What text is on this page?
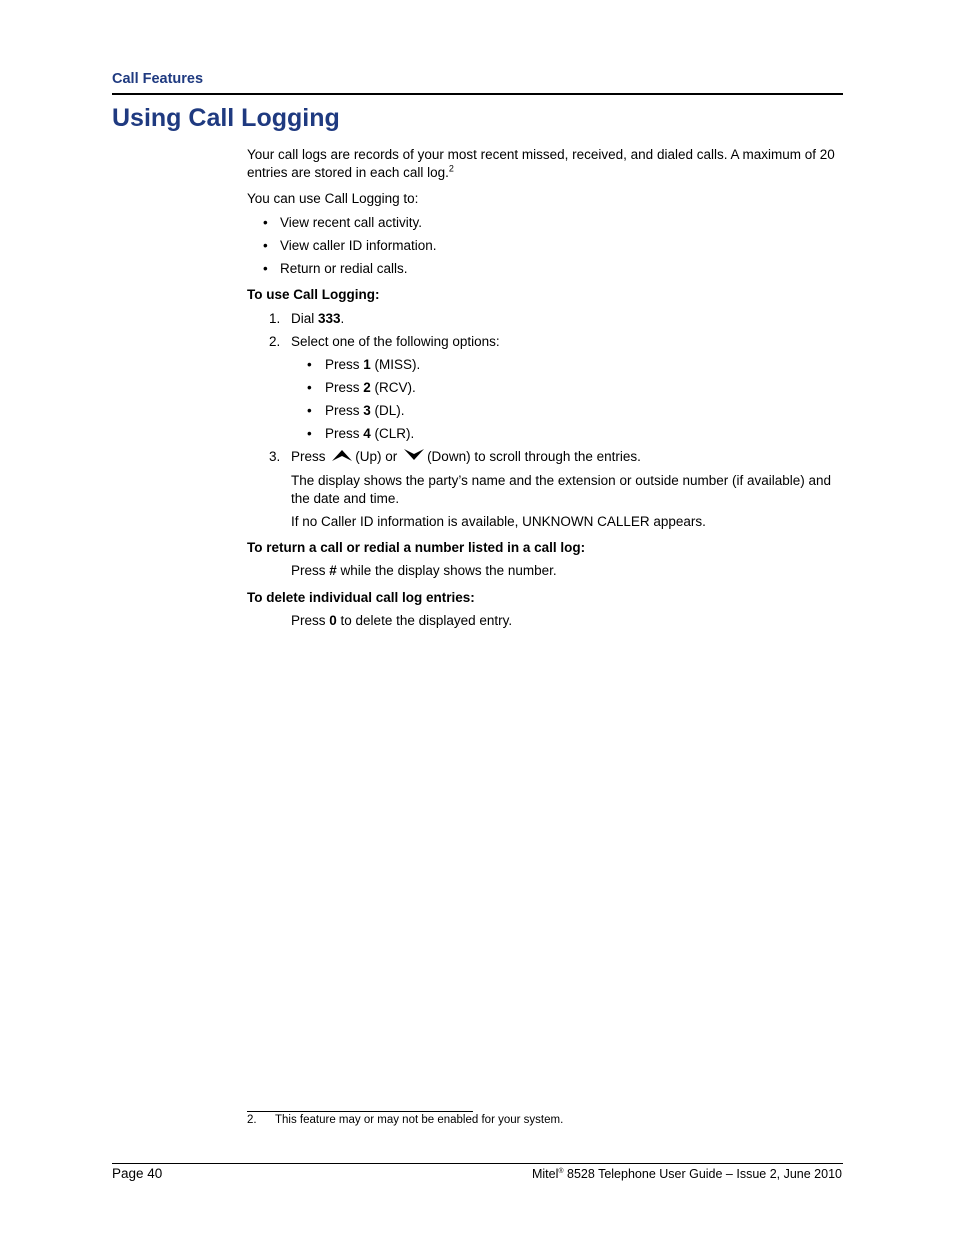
Call Features
Using Call Logging

Your call logs are records of your most recent missed, received, and dialed calls. A maximum of 20 entries are stored in each call log.$^2$

You can use Call Logging to:

• View recent call activity.
• View caller ID information.
• Return or redial calls.

To use Call Logging:

1. Dial 333.
2. Select one of the following options:
• Press 1 (MISS).
• Press 2 (RCV).
• Press 3 (DL).
• Press 4 (CLR).
3. Press (Up) or (Down) to scroll through the entries.

The display shows the party’s name and the extension or outside number (if available) and the date and time.

If no Caller ID information is available, UNKNOWN CALLER appears.

To return a call or redial a number listed in a call log:

Press # while the display shows the number.

To delete individual call log entries:

Press 0 to delete the displayed entry.

2. This feature may or may not be enabled for your system.
Page 40	Mitel® 8528 Telephone User Guide – Issue 2, June 2010
